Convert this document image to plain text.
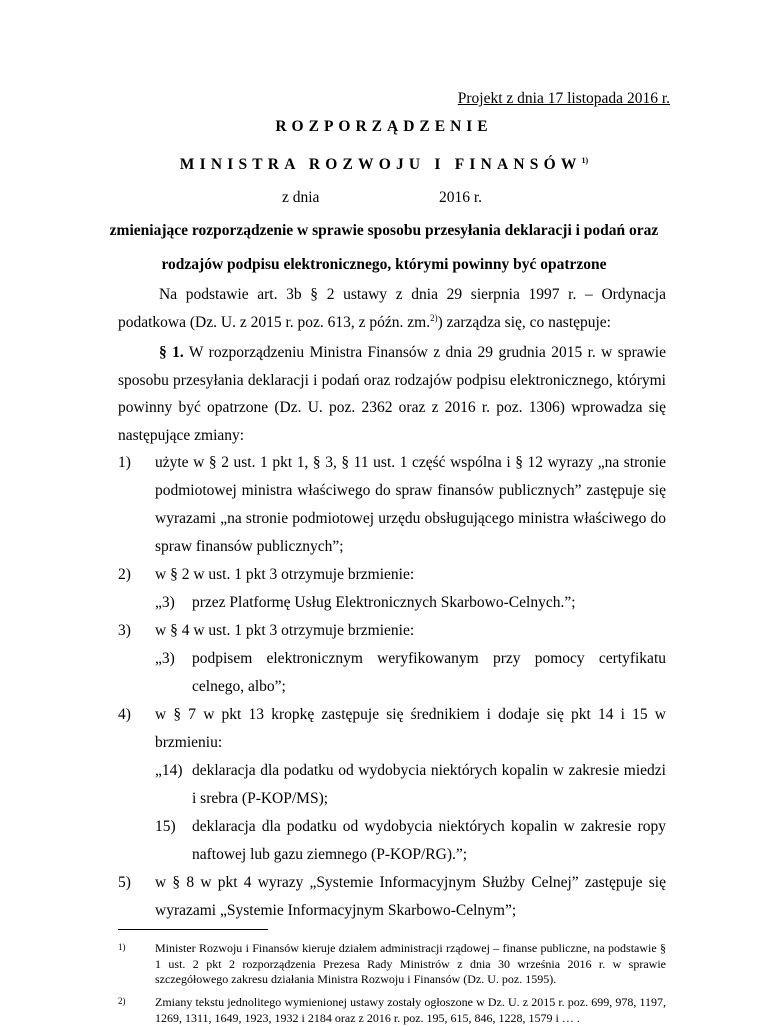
Projekt z dnia 17 listopada 2016 r.
ROZPORZĄDZENIE
MINISTRA ROZWOJU I FINANSÓW$^{1)}$
z dnia	2016 r.
zmieniające rozporządzenie w sprawie sposobu przesyłania deklaracji i podań oraz
rodzajów podpisu elektronicznego, którymi powinny być opatrzone
Na podstawie art. 3b § 2 ustawy z dnia 29 sierpnia 1997 r. – Ordynacja podatkowa (Dz. U. z 2015 r. poz. 613, z późn. zm.$^{2)}$) zarządza się, co następuje:
§ 1. W rozporządzeniu Ministra Finansów z dnia 29 grudnia 2015 r. w sprawie sposobu przesyłania deklaracji i podań oraz rodzajów podpisu elektronicznego, którymi powinny być opatrzone (Dz. U. poz. 2362 oraz z 2016 r. poz. 1306) wprowadza się następujące zmiany:
1) użyte w § 2 ust. 1 pkt 1, § 3, § 11 ust. 1 część wspólna i § 12 wyrazy „na stronie podmiotowej ministra właściwego do spraw finansów publicznych” zastępuje się wyrazami „na stronie podmiotowej urzędu obsługującego ministra właściwego do spraw finansów publicznych”;
2) w § 2 w ust. 1 pkt 3 otrzymuje brzmienie:
„3) przez Platformę Usług Elektronicznych Skarbowo-Celnych.”;
3) w § 4 w ust. 1 pkt 3 otrzymuje brzmienie:
„3) podpisem elektronicznym weryfikowanym przy pomocy certyfikatu celnego, albo”;
4) w § 7 w pkt 13 kropkę zastępuje się średnikiem i dodaje się pkt 14 i 15 w brzmieniu:
„14) deklaracja dla podatku od wydobycia niektórych kopalin w zakresie miedzi i srebra (P-KOP/MS);
15) deklaracja dla podatku od wydobycia niektórych kopalin w zakresie ropy naftowej lub gazu ziemnego (P-KOP/RG).”;
5) w § 8 w pkt 4 wyrazy „Systemie Informacyjnym Służby Celnej” zastępuje się wyrazami „Systemie Informacyjnym Skarbowo-Celnym”;
1) Minister Rozwoju i Finansów kieruje działem administracji rządowej – finanse publiczne, na podstawie § 1 ust. 2 pkt 2 rozporządzenia Prezesa Rady Ministrów z dnia 30 września 2016 r. w sprawie szczegółowego zakresu działania Ministra Rozwoju i Finansów (Dz. U. poz. 1595).
2) Zmiany tekstu jednolitego wymienionej ustawy zostały ogłoszone w Dz. U. z 2015 r. poz. 699, 978, 1197, 1269, 1311, 1649, 1923, 1932 i 2184 oraz z 2016 r. poz. 195, 615, 846, 1228, 1579 i … .
